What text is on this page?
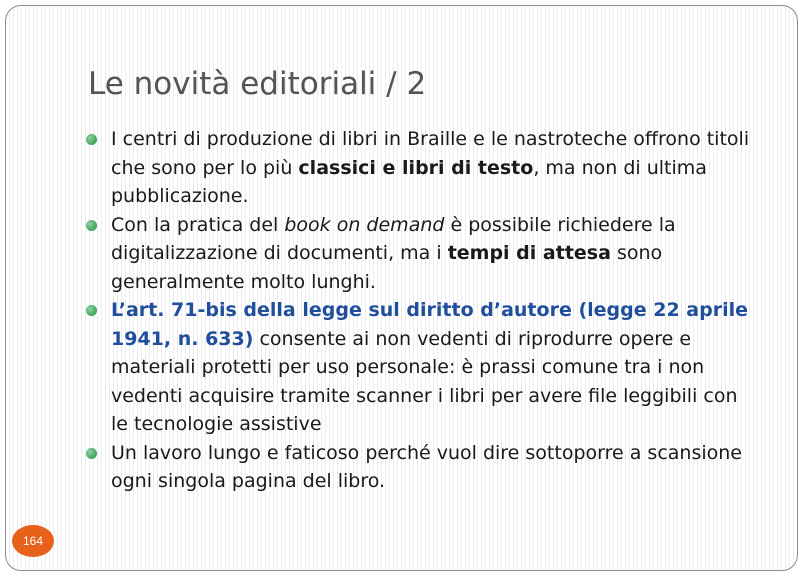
Le novità editoriali / 2
I centri di produzione di libri in Braille e le nastroteche offrono titoli che sono per lo più classici e libri di testo, ma non di ultima pubblicazione.
Con la pratica del book on demand è possibile richiedere la digitalizzazione di documenti, ma i tempi di attesa sono generalmente molto lunghi.
L’art. 71-bis della legge sul diritto d’autore (legge 22 aprile 1941, n. 633) consente ai non vedenti di riprodurre opere e materiali protetti per uso personale: è prassi comune tra i non vedenti acquisire tramite scanner i libri per avere file leggibili con le tecnologie assistive
Un lavoro lungo e faticoso perché vuol dire sottoporre a scansione ogni singola pagina del libro.
164
